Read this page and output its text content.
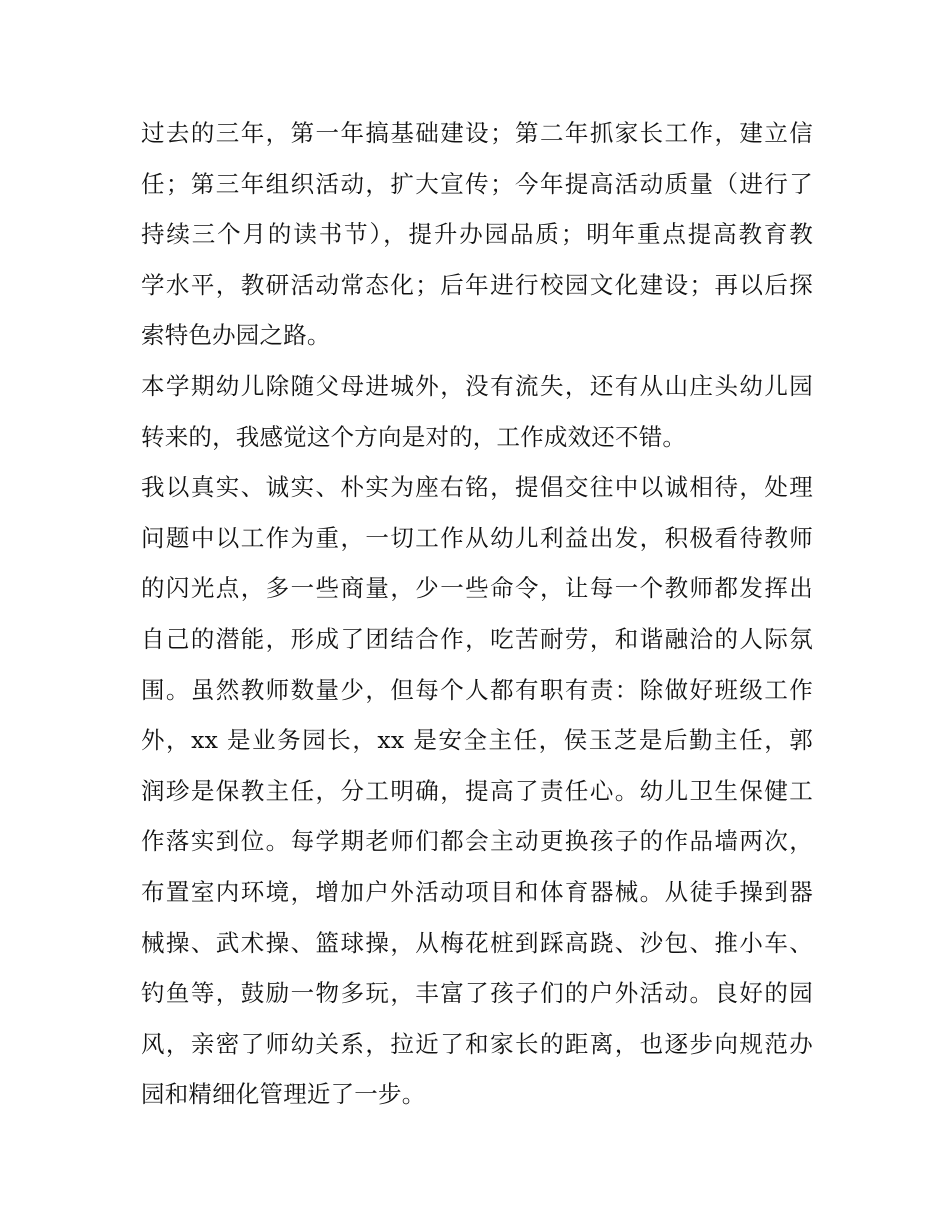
过去的三年，第一年搞基础建设；第二年抓家长工作，建立信
任；第三年组织活动，扩大宣传；今年提高活动质量（进行了
持续三个月的读书节），提升办园品质；明年重点提高教育教
学水平，教研活动常态化；后年进行校园文化建设；再以后探
索特色办园之路。

本学期幼儿除随父母进城外，没有流失，还有从山庄头幼儿园
转来的，我感觉这个方向是对的，工作成效还不错。

我以真实、诚实、朴实为座右铭，提倡交往中以诚相待，处理
问题中以工作为重，一切工作从幼儿利益出发，积极看待教师
的闪光点，多一些商量，少一些命令，让每一个教师都发挥出
自己的潜能，形成了团结合作，吃苦耐劳，和谐融洽的人际氛
围。虽然教师数量少，但每个人都有职有责：除做好班级工作
外，xx 是业务园长，xx 是安全主任，侯玉芝是后勤主任，郭
润珍是保教主任，分工明确，提高了责任心。幼儿卫生保健工
作落实到位。每学期老师们都会主动更换孩子的作品墙两次，
布置室内环境，增加户外活动项目和体育器械。从徒手操到器
械操、武术操、篮球操，从梅花桩到踩高跷、沙包、推小车、
钓鱼等，鼓励一物多玩，丰富了孩子们的户外活动。良好的园
风，亲密了师幼关系，拉近了和家长的距离，也逐步向规范办
园和精细化管理近了一步。
